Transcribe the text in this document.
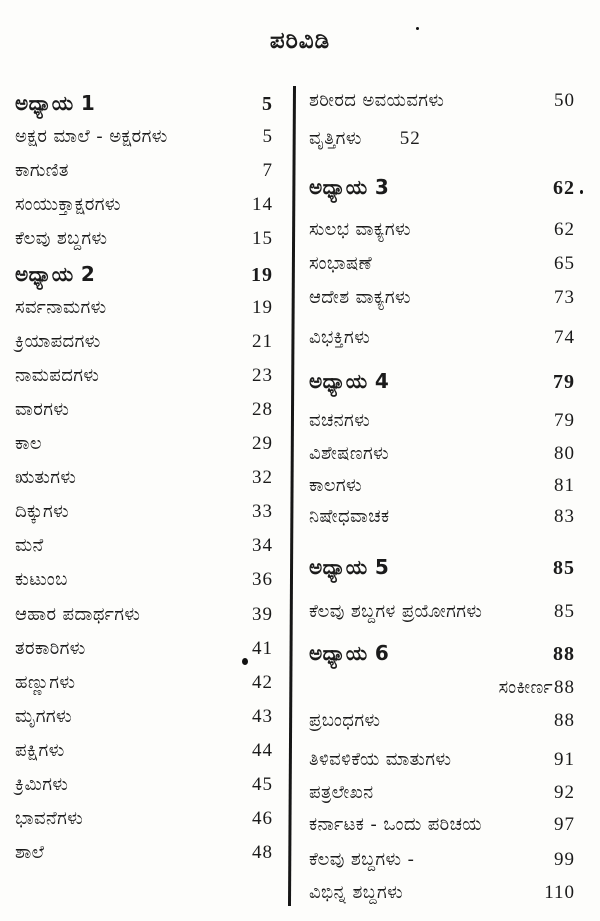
ಪರಿವಿಡಿ
ಅಧ್ಯಾಯ 1	5
ಅಕ್ಷರ ಮಾಲೆ - ಅಕ್ಷರಗಳು	5
ಕಾಗುಣಿತ	7
ಸಂಯುಕ್ತಾಕ್ಷರಗಳು	14
ಕೆಲವು ಶಬ್ದಗಳು	15
ಅಧ್ಯಾಯ 2	19
ಸರ್ವನಾಮಗಳು	19
ಕ್ರಿಯಾಪದಗಳು	21
ನಾಮಪದಗಳು	23
ವಾರಗಳು	28
ಕಾಲ	29
ಋತುಗಳು	32
ದಿಕ್ಕುಗಳು	33
ಮನೆ	34
ಕುಟುಂಬ	36
ಆಹಾರ ಪದಾರ್ಥಗಳು	39
ತರಕಾರಿಗಳು	41
ಹಣ್ಣುಗಳು	42
ಮೃಗಗಳು	43
ಪಕ್ಷಿಗಳು	44
ಕ್ರಿಮಿಗಳು	45
ಭಾವನೆಗಳು	46
ಶಾಲೆ	48
ಶರೀರದ ಅವಯವಗಳು	50
ವೃತ್ತಿಗಳು 52
ಅಧ್ಯಾಯ 3	62
ಸುಲಭ ವಾಕ್ಯಗಳು	62
ಸಂಭಾಷಣೆ	65
ಆದೇಶ ವಾಕ್ಯಗಳು	73
ವಿಭಕ್ತಿಗಳು	74
ಅಧ್ಯಾಯ 4	79
ವಚನಗಳು	79
ವಿಶೇಷಣಗಳು	80
ಕಾಲಗಳು	81
ನಿಷೇಧವಾಚಕ	83
ಅಧ್ಯಾಯ 5	85
ಕೆಲವು ಶಬ್ದಗಳ ಪ್ರಯೋಗಗಳು	85
ಅಧ್ಯಾಯ 6	88
ಸಂಕೀರ್ಣ 88
ಪ್ರಬಂಧಗಳು	88
ತಿಳಿವಳಿಕೆಯ ಮಾತುಗಳು	91
ಪತ್ರಲೇಖನ	92
ಕರ್ನಾಟಕ - ಒಂದು ಪರಿಚಯ	97
ಕೆಲವು ಶಬ್ದಗಳು -	99
ವಿಭಿನ್ನ ಶಬ್ದಗಳು	110
